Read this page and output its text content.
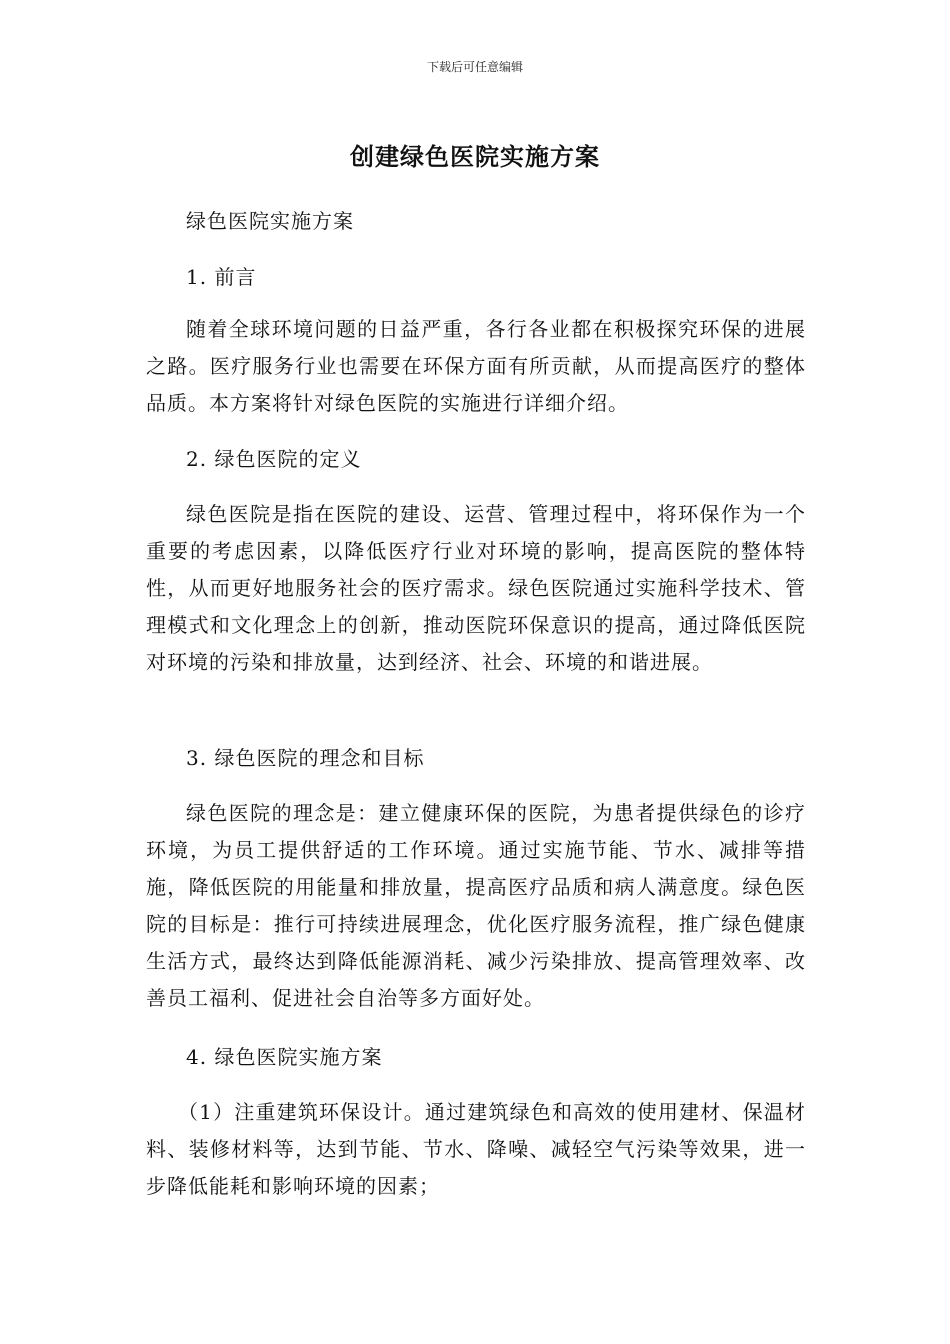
下载后可任意编辑
创建绿色医院实施方案

绿色医院实施方案

1. 前言

随着全球环境问题的日益严重，各行各业都在积极探究环保的进展之路。医疗服务行业也需要在环保方面有所贡献，从而提高医疗的整体品质。本方案将针对绿色医院的实施进行详细介绍。

2. 绿色医院的定义

绿色医院是指在医院的建设、运营、管理过程中，将环保作为一个重要的考虑因素，以降低医疗行业对环境的影响，提高医院的整体特性，从而更好地服务社会的医疗需求。绿色医院通过实施科学技术、管理模式和文化理念上的创新，推动医院环保意识的提高，通过降低医院对环境的污染和排放量，达到经济、社会、环境的和谐进展。

3. 绿色医院的理念和目标

绿色医院的理念是：建立健康环保的医院，为患者提供绿色的诊疗环境，为员工提供舒适的工作环境。通过实施节能、节水、减排等措施，降低医院的用能量和排放量，提高医疗品质和病人满意度。绿色医院的目标是：推行可持续进展理念，优化医疗服务流程，推广绿色健康生活方式，最终达到降低能源消耗、减少污染排放、提高管理效率、改善员工福利、促进社会自治等多方面好处。

4. 绿色医院实施方案

（1）注重建筑环保设计。通过建筑绿色和高效的使用建材、保温材料、装修材料等，达到节能、节水、降噪、减轻空气污染等效果，进一步降低能耗和影响环境的因素；
